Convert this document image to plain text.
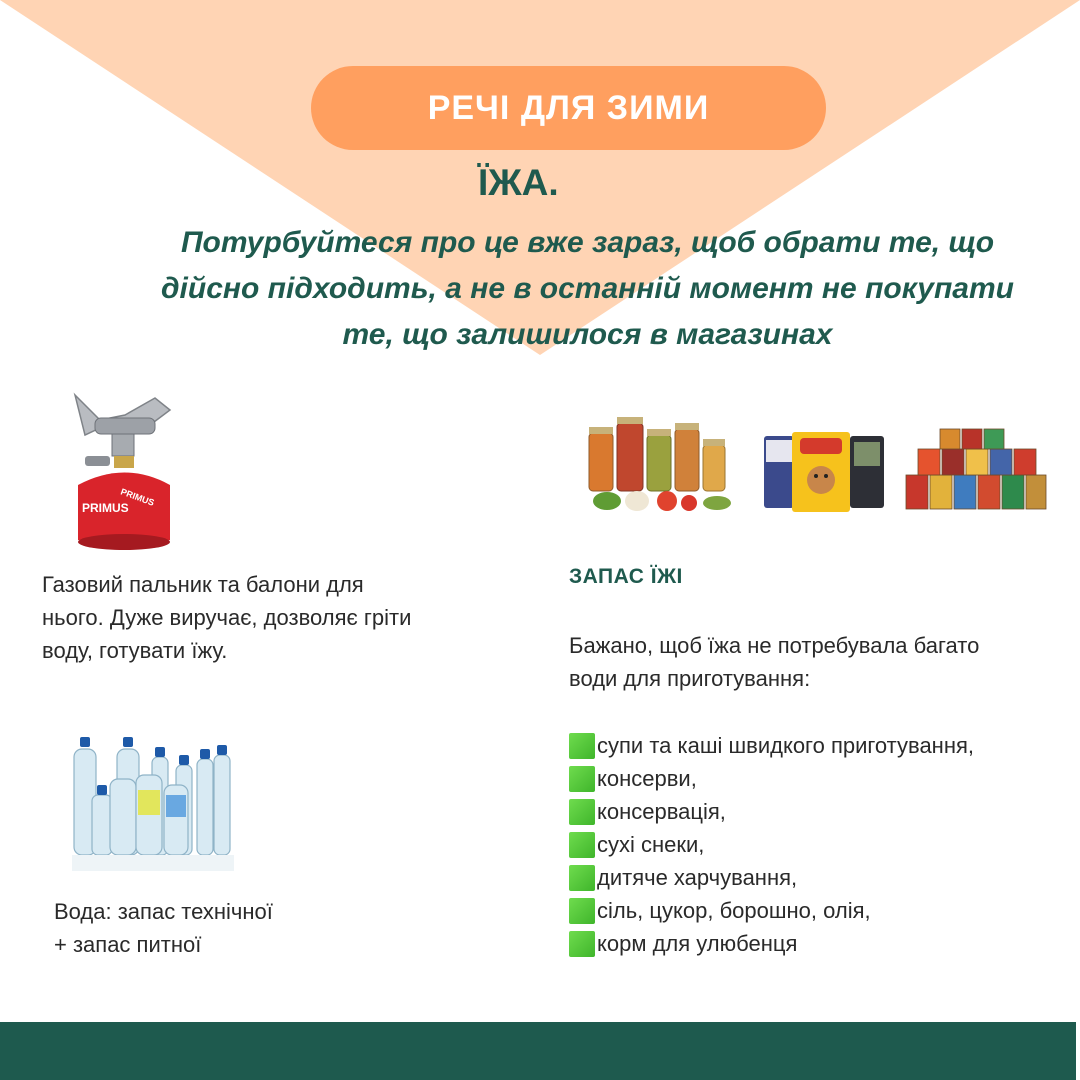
РЕЧІ ДЛЯ ЗИМИ
ЇЖА.
Потурбуйтеся про це вже зараз, щоб обрати те, що
дійсно підходить, а не в останній момент не покупати
те, що залишилося в магазинах
PRIMUS
PRIMUS
Газовий пальник та балони для
нього. Дуже виручає, дозволяє гріти
воду, готувати їжу.
Вода: запас технічної
+ запас питної
ЗАПАС ЇЖІ
Бажано, щоб їжа не потребувала багато
води для приготування:
супи та каші швидкого приготування,
консерви,
консервація,
сухі снеки,
дитяче харчування,
сіль, цукор, борошно, олія,
корм для улюбенця
